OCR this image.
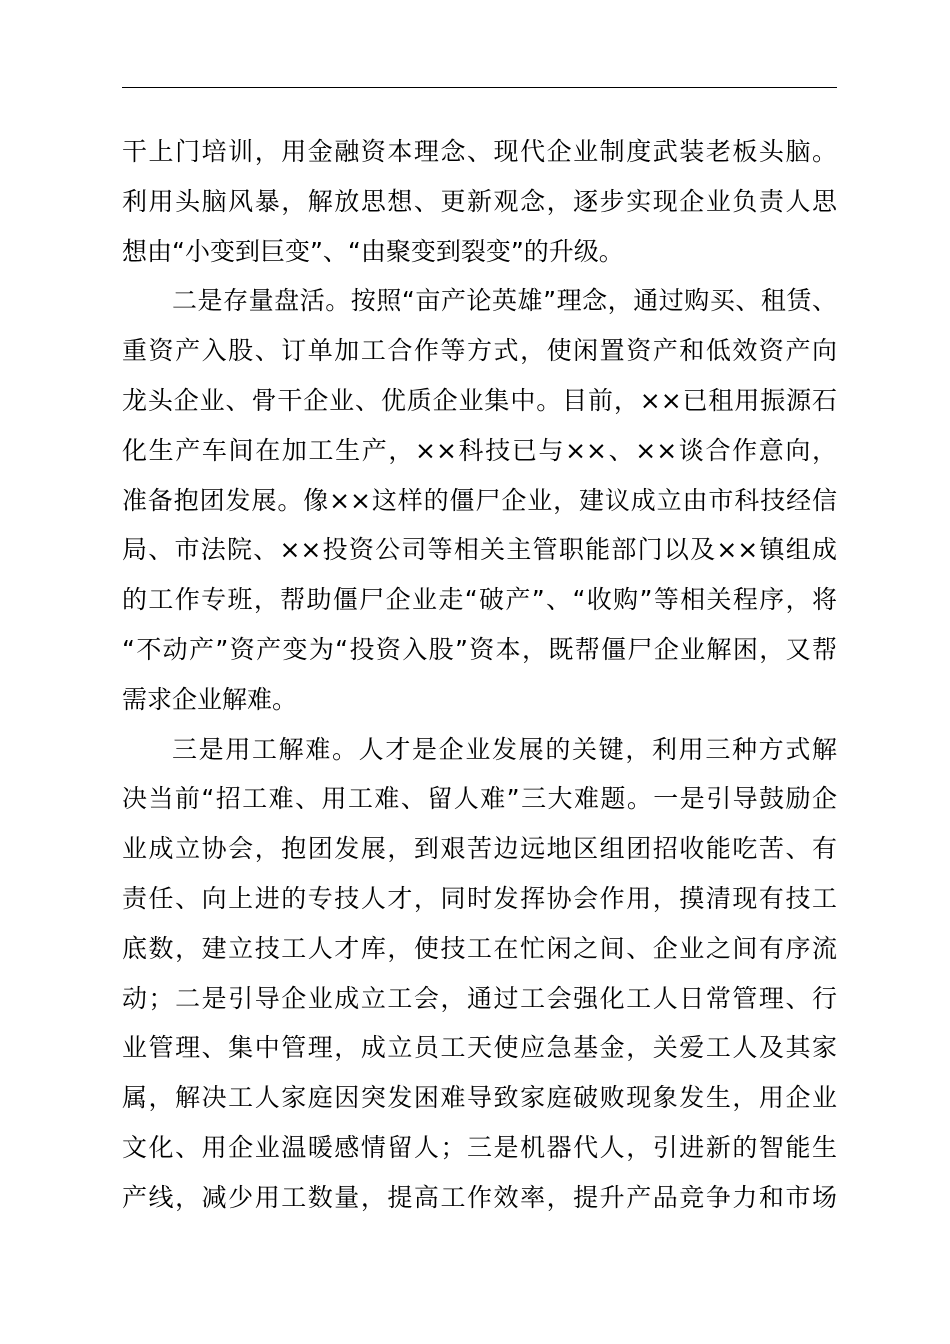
干上门培训，用金融资本理念、现代企业制度武装老板头脑。
利用头脑风暴，解放思想、更新观念，逐步实现企业负责人思
想由“小变到巨变”、“由聚变到裂变”的升级。
二是存量盘活。按照“亩产论英雄”理念，通过购买、租赁、
重资产入股、订单加工合作等方式，使闲置资产和低效资产向
龙头企业、骨干企业、优质企业集中。目前，××已租用振源石
化生产车间在加工生产，××科技已与××、××谈合作意向，
准备抱团发展。像××这样的僵尸企业，建议成立由市科技经信
局、市法院、××投资公司等相关主管职能部门以及××镇组成
的工作专班，帮助僵尸企业走“破产”、“收购”等相关程序，将
“不动产”资产变为“投资入股”资本，既帮僵尸企业解困，又帮
需求企业解难。
三是用工解难。人才是企业发展的关键，利用三种方式解
决当前“招工难、用工难、留人难”三大难题。一是引导鼓励企
业成立协会，抱团发展，到艰苦边远地区组团招收能吃苦、有
责任、向上进的专技人才，同时发挥协会作用，摸清现有技工
底数，建立技工人才库，使技工在忙闲之间、企业之间有序流
动；二是引导企业成立工会，通过工会强化工人日常管理、行
业管理、集中管理，成立员工天使应急基金，关爱工人及其家
属，解决工人家庭因突发困难导致家庭破败现象发生，用企业
文化、用企业温暖感情留人；三是机器代人，引进新的智能生
产线，减少用工数量，提高工作效率，提升产品竞争力和市场
